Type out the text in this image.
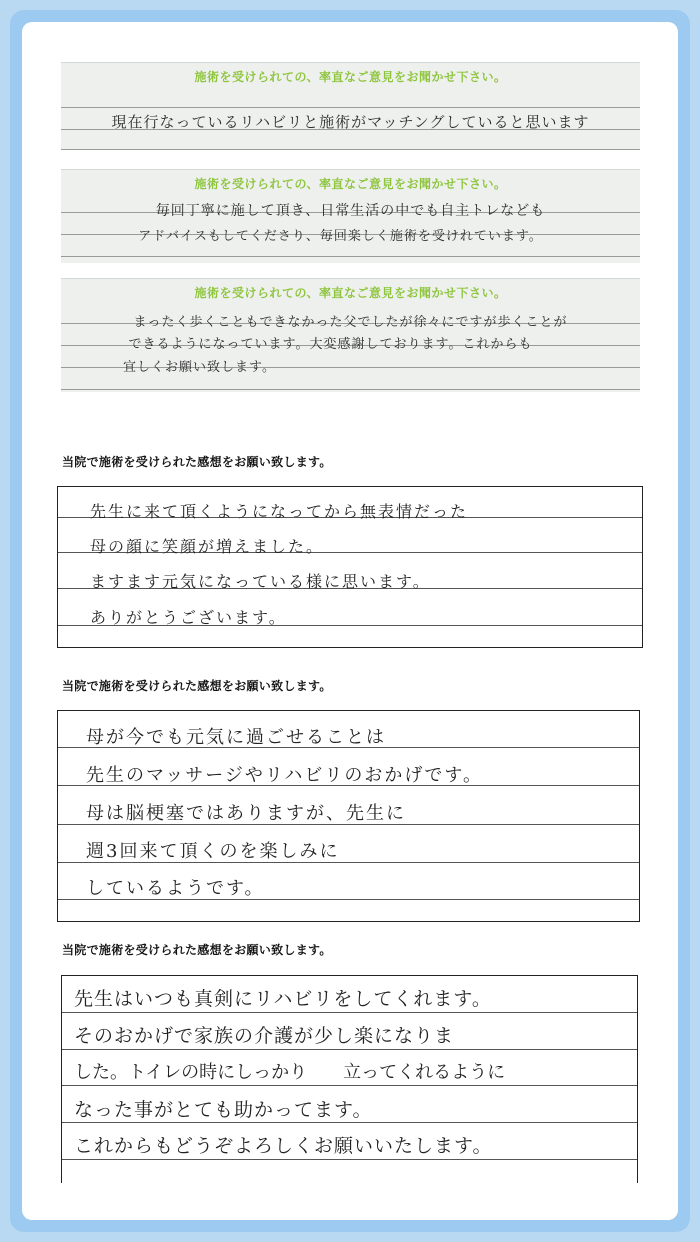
施術を受けられての、率直なご意見をお聞かせ下さい。
現在行なっているリハビリと施術がマッチングしていると思います
施術を受けられての、率直なご意見をお聞かせ下さい。
毎回丁寧に施して頂き、日常生活の中でも自主トレなども
アドバイスもしてくださり、毎回楽しく施術を受けれています。
施術を受けられての、率直なご意見をお聞かせ下さい。
まったく歩くこともできなかった父でしたが徐々にですが歩くことが
できるようになっています。大変感謝しております。これからも
宜しくお願い致します。
当院で施術を受けられた感想をお願い致します。
先生に来て頂くようになってから無表情だった
母の顔に笑顔が増えました。
ますます元気になっている様に思います。
ありがとうございます。
当院で施術を受けられた感想をお願い致します。
母が今でも元気に過ごせることは
先生のマッサージやリハビリのおかげです。
母は脳梗塞ではありますが、先生に
週3回来て頂くのを楽しみに
しているようです。
当院で施術を受けられた感想をお願い致します。
先生はいつも真剣にリハビリをしてくれます。
そのおかげで家族の介護が少し楽になりま
した。トイレの時にしっかり　　立ってくれるように
なった事がとても助かってます。
これからもどうぞよろしくお願いいたします。
